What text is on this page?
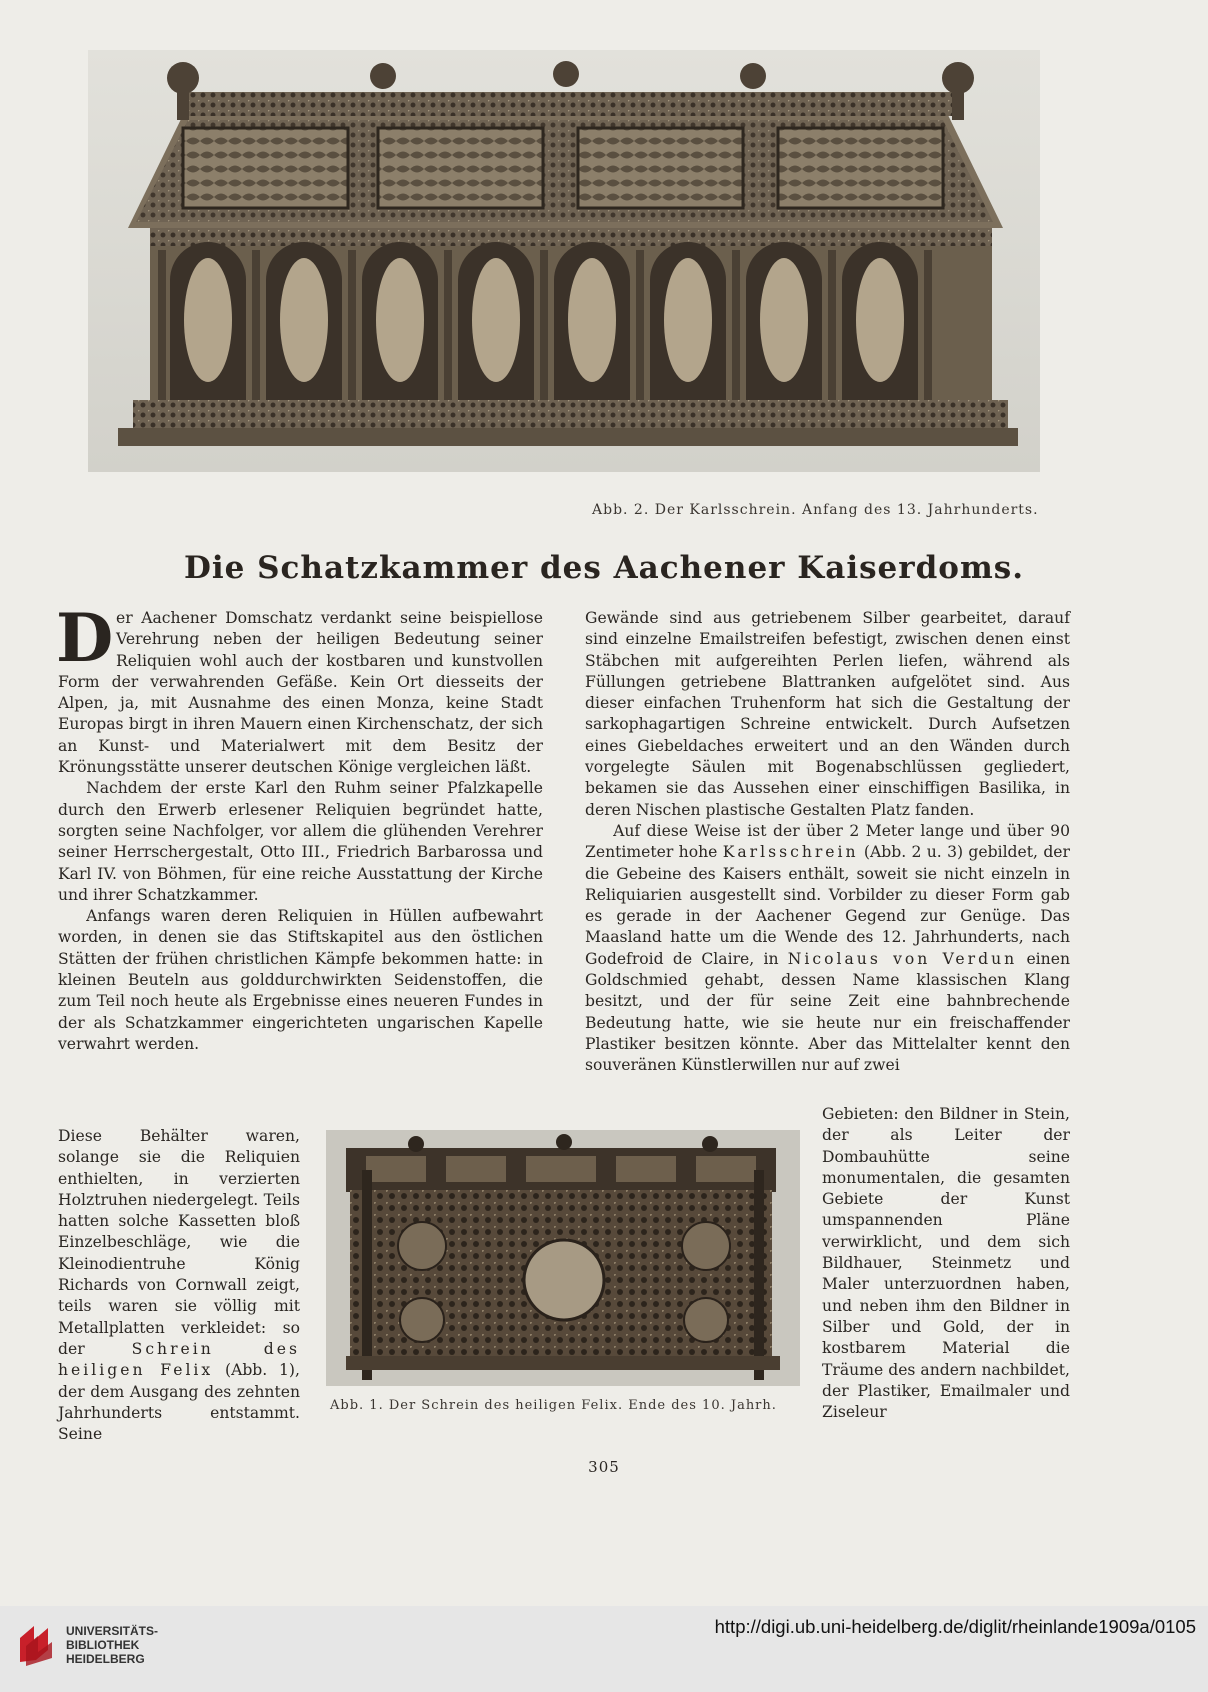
Abb. 2. Der Karlsschrein. Anfang des 13. Jahrhunderts.
Die Schatzkammer des Aachener Kaiserdoms.

Der Aachener Domschatz verdankt seine beispiellose Verehrung neben der heiligen Bedeutung seiner Reliquien wohl auch der kostbaren und kunstvollen Form der verwahrenden Gefäße. Kein Ort diesseits der Alpen, ja, mit Ausnahme des einen Monza, keine Stadt Europas birgt in ihren Mauern einen Kirchenschatz, der sich an Kunst- und Materialwert mit dem Besitz der Krönungsstätte unserer deutschen Könige vergleichen läßt.

Nachdem der erste Karl den Ruhm seiner Pfalzkapelle durch den Erwerb erlesener Reliquien begründet hatte, sorgten seine Nachfolger, vor allem die glühenden Verehrer seiner Herrschergestalt, Otto III., Friedrich Barbarossa und Karl IV. von Böhmen, für eine reiche Ausstattung der Kirche und ihrer Schatzkammer.

Anfangs waren deren Reliquien in Hüllen aufbewahrt worden, in denen sie das Stiftskapitel aus den östlichen Stätten der frühen christlichen Kämpfe bekommen hatte: in kleinen Beuteln aus golddurchwirkten Seidenstoffen, die zum Teil noch heute als Ergebnisse eines neueren Fundes in der als Schatzkammer eingerichteten ungarischen Kapelle verwahrt werden.

Diese Behälter waren, solange sie die Reliquien enthielten, in verzierten Holztruhen niedergelegt. Teils hatten solche Kassetten bloß Einzelbeschläge, wie die Kleinodientruhe König Richards von Cornwall zeigt, teils waren sie völlig mit Metallplatten verkleidet: so der	Schrein des heiligen Felix (Abb. 1), der dem Ausgang des zehnten Jahrhunderts entstammt. Seine

Abb. 1. Der Schrein des heiligen Felix. Ende des 10. Jahrh.

Gewände sind aus getriebenem Silber gearbeitet, darauf sind einzelne Emailstreifen befestigt, zwischen denen einst Stäbchen mit aufgereihten Perlen liefen, während als Füllungen getriebene Blattranken aufgelötet sind. Aus dieser einfachen Truhenform hat sich die Gestaltung der sarkophagartigen Schreine entwickelt. Durch Aufsetzen eines Giebeldaches erweitert und an den Wänden durch vorgelegte Säulen mit Bogenabschlüssen gegliedert, bekamen sie das Aussehen einer einschiffigen Basilika, in deren Nischen plastische Gestalten Platz fanden.

Auf diese Weise ist der über 2 Meter lange und über 90 Zentimeter hohe Karlsschrein (Abb. 2 u. 3) gebildet, der die Gebeine des Kaisers enthält, soweit sie nicht einzeln in Reliquiarien ausgestellt sind. Vorbilder zu dieser Form gab es gerade in der Aachener Gegend zur Genüge. Das Maasland hatte um die Wende des 12. Jahrhunderts, nach Godefroid de Claire, in Nicolaus von Verdun einen Goldschmied gehabt, dessen Name klassischen Klang besitzt, und der für seine Zeit eine bahnbrechende Bedeutung hatte, wie sie heute nur ein freischaffender Plastiker besitzen könnte. Aber das Mittelalter kennt den souveränen Künstlerwillen nur auf zwei

Gebieten: den Bildner in Stein, der als Leiter der Dombauhütte seine monumentalen, die gesamten Gebiete der Kunst umspannenden Pläne verwirklicht, und dem sich Bildhauer, Steinmetz und Maler unterzuordnen haben, und neben ihm den Bildner in Silber und Gold, der in kostbarem Material die Träume des andern nachbildet, der Plastiker, Emailmaler und Ziseleur

305
UNIVERSITÄTS-
BIBLIOTHEK
HEIDELBERG
http://digi.ub.uni-heidelberg.de/diglit/rheinlande1909a/0105
